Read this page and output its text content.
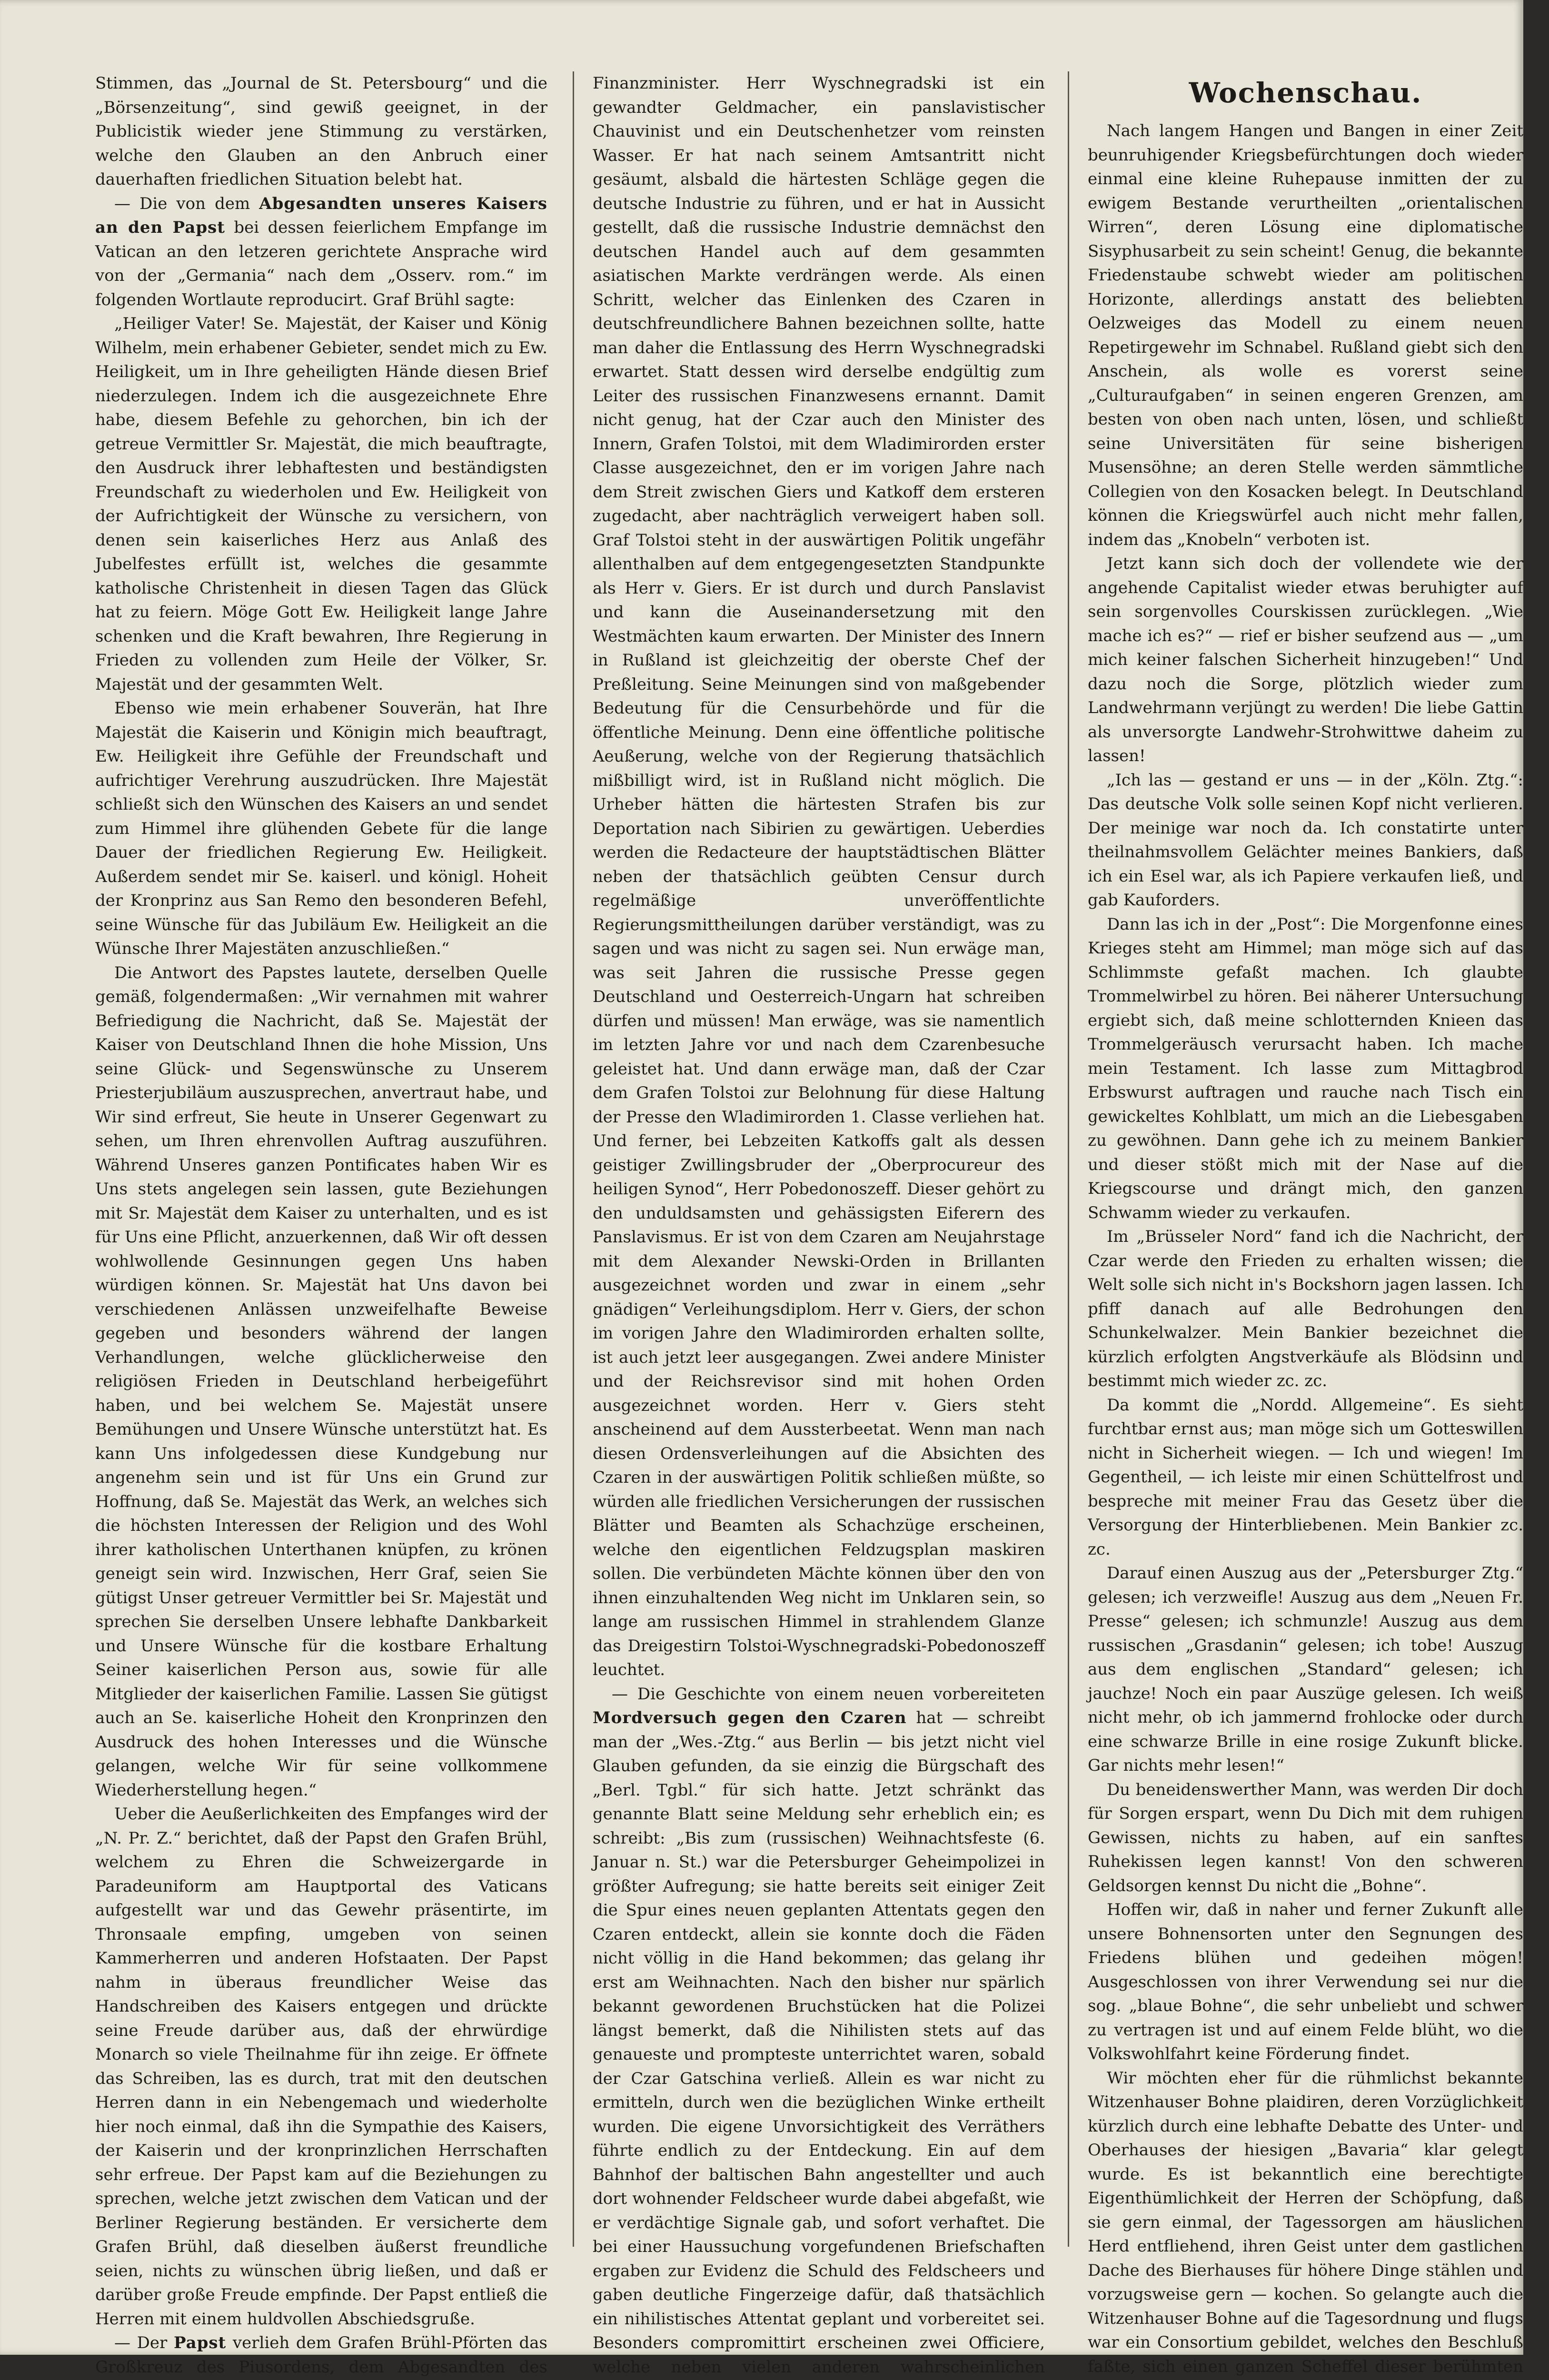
Stimmen, das „Journal de St. Petersbourg“ und die „Börsenzeitung“, sind gewiß geeignet, in der Publicistik wieder jene Stimmung zu verstärken, welche den Glauben an den Anbruch einer dauerhaften friedlichen Situation belebt hat.

— Die von dem Abgesandten unseres Kaisers an den Papst bei dessen feierlichem Empfange im Vatican an den letzeren gerichtete Ansprache wird von der „Germania“ nach dem „Osserv. rom.“ im folgenden Wortlaute reproducirt. Graf Brühl sagte:

„Heiliger Vater! Se. Majestät, der Kaiser und König Wilhelm, mein erhabener Gebieter, sendet mich zu Ew. Heiligkeit, um in Ihre geheiligten Hände diesen Brief niederzulegen. Indem ich die ausgezeichnete Ehre habe, diesem Befehle zu gehorchen, bin ich der getreue Vermittler Sr. Majestät, die mich beauftragte, den Ausdruck ihrer lebhaftesten und beständigsten Freundschaft zu wiederholen und Ew. Heiligkeit von der Aufrichtigkeit der Wünsche zu versichern, von denen sein kaiserliches Herz aus Anlaß des Jubelfestes erfüllt ist, welches die gesammte katholische Christenheit in diesen Tagen das Glück hat zu feiern. Möge Gott Ew. Heiligkeit lange Jahre schenken und die Kraft bewahren, Ihre Regierung in Frieden zu vollenden zum Heile der Völker, Sr. Majestät und der gesammten Welt.

Ebenso wie mein erhabener Souverän, hat Ihre Majestät die Kaiserin und Königin mich beauftragt, Ew. Heiligkeit ihre Gefühle der Freundschaft und aufrichtiger Verehrung auszudrücken. Ihre Majestät schließt sich den Wünschen des Kaisers an und sendet zum Himmel ihre glühenden Gebete für die lange Dauer der friedlichen Regierung Ew. Heiligkeit. Außerdem sendet mir Se. kaiserl. und königl. Hoheit der Kronprinz aus San Remo den besonderen Befehl, seine Wünsche für das Jubiläum Ew. Heiligkeit an die Wünsche Ihrer Majestäten anzuschließen.“

Die Antwort des Papstes lautete, derselben Quelle gemäß, folgendermaßen: „Wir vernahmen mit wahrer Befriedigung die Nachricht, daß Se. Majestät der Kaiser von Deutschland Ihnen die hohe Mission, Uns seine Glück- und Segenswünsche zu Unserem Priesterjubiläum auszusprechen, anvertraut habe, und Wir sind erfreut, Sie heute in Unserer Gegenwart zu sehen, um Ihren ehrenvollen Auftrag auszuführen. Während Unseres ganzen Pontificates haben Wir es Uns stets angelegen sein lassen, gute Beziehungen mit Sr. Majestät dem Kaiser zu unterhalten, und es ist für Uns eine Pflicht, anzuerkennen, daß Wir oft dessen wohlwollende Gesinnungen gegen Uns haben würdigen können. Sr. Majestät hat Uns davon bei verschiedenen Anlässen unzweifelhafte Beweise gegeben und besonders während der langen Verhandlungen, welche glücklicherweise den religiösen Frieden in Deutschland herbeigeführt haben, und bei welchem Se. Majestät unsere Bemühungen und Unsere Wünsche unterstützt hat. Es kann Uns infolgedessen diese Kundgebung nur angenehm sein und ist für Uns ein Grund zur Hoffnung, daß Se. Majestät das Werk, an welches sich die höchsten Interessen der Religion und des Wohl ihrer katholischen Unterthanen knüpfen, zu krönen geneigt sein wird. Inzwischen, Herr Graf, seien Sie gütigst Unser getreuer Vermittler bei Sr. Majestät und sprechen Sie derselben Unsere lebhafte Dankbarkeit und Unsere Wünsche für die kostbare Erhaltung Seiner kaiserlichen Person aus, sowie für alle Mitglieder der kaiserlichen Familie. Lassen Sie gütigst auch an Se. kaiserliche Hoheit den Kronprinzen den Ausdruck des hohen Interesses und die Wünsche gelangen, welche Wir für seine vollkommene Wiederherstellung hegen.“

Ueber die Aeußerlichkeiten des Empfanges wird der „N. Pr. Z.“ berichtet, daß der Papst den Grafen Brühl, welchem zu Ehren die Schweizergarde in Paradeuniform am Hauptportal des Vaticans aufgestellt war und das Gewehr präsentirte, im Thronsaale empfing, umgeben von seinen Kammerherren und anderen Hofstaaten. Der Papst nahm in überaus freundlicher Weise das Handschreiben des Kaisers entgegen und drückte seine Freude darüber aus, daß der ehrwürdige Monarch so viele Theilnahme für ihn zeige. Er öffnete das Schreiben, las es durch, trat mit den deutschen Herren dann in ein Nebengemach und wiederholte hier noch einmal, daß ihn die Sympathie des Kaisers, der Kaiserin und der kronprinzlichen Herrschaften sehr erfreue. Der Papst kam auf die Beziehungen zu sprechen, welche jetzt zwischen dem Vatican und der Berliner Regierung beständen. Er versicherte dem Grafen Brühl, daß dieselben äußerst freundliche seien, nichts zu wünschen übrig ließen, und daß er darüber große Freude empfinde. Der Papst entließ die Herren mit einem huldvollen Abschiedsgruße.

— Der Papst verlieh dem Grafen Brühl-Pförten das Großkreuz des Piusordens, dem Abgesandten des

Finanzminister. Herr Wyschnegradski ist ein gewandter Geldmacher, ein panslavistischer Chauvinist und ein Deutschenhetzer vom reinsten Wasser. Er hat nach seinem Amtsantritt nicht gesäumt, alsbald die härtesten Schläge gegen die deutsche Industrie zu führen, und er hat in Aussicht gestellt, daß die russische Industrie demnächst den deutschen Handel auch auf dem gesammten asiatischen Markte verdrängen werde. Als einen Schritt, welcher das Einlenken des Czaren in deutschfreundlichere Bahnen bezeichnen sollte, hatte man daher die Entlassung des Herrn Wyschnegradski erwartet. Statt dessen wird derselbe endgültig zum Leiter des russischen Finanzwesens ernannt. Damit nicht genug, hat der Czar auch den Minister des Innern, Grafen Tolstoi, mit dem Wladimirorden erster Classe ausgezeichnet, den er im vorigen Jahre nach dem Streit zwischen Giers und Katkoff dem ersteren zugedacht, aber nachträglich verweigert haben soll. Graf Tolstoi steht in der auswärtigen Politik ungefähr allenthalben auf dem entgegengesetzten Standpunkte als Herr v. Giers. Er ist durch und durch Panslavist und kann die Auseinandersetzung mit den Westmächten kaum erwarten. Der Minister des Innern in Rußland ist gleichzeitig der oberste Chef der Preßleitung. Seine Meinungen sind von maßgebender Bedeutung für die Censurbehörde und für die öffentliche Meinung. Denn eine öffentliche politische Aeußerung, welche von der Regierung thatsächlich mißbilligt wird, ist in Rußland nicht möglich. Die Urheber hätten die härtesten Strafen bis zur Deportation nach Sibirien zu gewärtigen. Ueberdies werden die Redacteure der hauptstädtischen Blätter neben der thatsächlich geübten Censur durch regelmäßige unveröffentlichte Regierungsmittheilungen darüber verständigt, was zu sagen und was nicht zu sagen sei. Nun erwäge man, was seit Jahren die russische Presse gegen Deutschland und Oesterreich-Ungarn hat schreiben dürfen und müssen! Man erwäge, was sie namentlich im letzten Jahre vor und nach dem Czarenbesuche geleistet hat. Und dann erwäge man, daß der Czar dem Grafen Tolstoi zur Belohnung für diese Haltung der Presse den Wladimirorden 1. Classe verliehen hat. Und ferner, bei Lebzeiten Katkoffs galt als dessen geistiger Zwillingsbruder der „Oberprocureur des heiligen Synod“, Herr Pobedonoszeff. Dieser gehört zu den unduldsamsten und gehässigsten Eiferern des Panslavismus. Er ist von dem Czaren am Neujahrstage mit dem Alexander Newski-Orden in Brillanten ausgezeichnet worden und zwar in einem „sehr gnädigen“ Verleihungsdiplom. Herr v. Giers, der schon im vorigen Jahre den Wladimirorden erhalten sollte, ist auch jetzt leer ausgegangen. Zwei andere Minister und der Reichsrevisor sind mit hohen Orden ausgezeichnet worden. Herr v. Giers steht anscheinend auf dem Aussterbeetat. Wenn man nach diesen Ordensverleihungen auf die Absichten des Czaren in der auswärtigen Politik schließen müßte, so würden alle friedlichen Versicherungen der russischen Blätter und Beamten als Schachzüge erscheinen, welche den eigentlichen Feldzugsplan maskiren sollen. Die verbündeten Mächte können über den von ihnen einzuhaltenden Weg nicht im Unklaren sein, so lange am russischen Himmel in strahlendem Glanze das Dreigestirn Tolstoi-Wyschnegradski-Pobedonoszeff leuchtet.

— Die Geschichte von einem neuen vorbereiteten Mordversuch gegen den Czaren hat — schreibt man der „Wes.-Ztg.“ aus Berlin — bis jetzt nicht viel Glauben gefunden, da sie einzig die Bürgschaft des „Berl. Tgbl.“ für sich hatte. Jetzt schränkt das genannte Blatt seine Meldung sehr erheblich ein; es schreibt: „Bis zum (russischen) Weihnachtsfeste (6. Januar n. St.) war die Petersburger Geheimpolizei in größter Aufregung; sie hatte bereits seit einiger Zeit die Spur eines neuen geplanten Attentats gegen den Czaren entdeckt, allein sie konnte doch die Fäden nicht völlig in die Hand bekommen; das gelang ihr erst am Weihnachten. Nach den bisher nur spärlich bekannt gewordenen Bruchstücken hat die Polizei längst bemerkt, daß die Nihilisten stets auf das genaueste und prompteste unterrichtet waren, sobald der Czar Gatschina verließ. Allein es war nicht zu ermitteln, durch wen die bezüglichen Winke ertheilt wurden. Die eigene Unvorsichtigkeit des Verräthers führte endlich zu der Entdeckung. Ein auf dem Bahnhof der baltischen Bahn angestellter und auch dort wohnender Feldscheer wurde dabei abgefaßt, wie er verdächtige Signale gab, und sofort verhaftet. Die bei einer Haussuchung vorgefundenen Briefschaften ergaben zur Evidenz die Schuld des Feldscheers und gaben deutliche Fingerzeige dafür, daß thatsächlich ein nihilistisches Attentat geplant und vorbereitet sei. Besonders compromittirt erscheinen zwei Officiere, welche neben vielen anderen wahrscheinlichen

Wochenschau.

Nach langem Hangen und Bangen in einer Zeit beunruhigender Kriegsbefürchtungen doch wieder einmal eine kleine Ruhepause inmitten der zu ewigem Bestande verurtheilten „orientalischen Wirren“, deren Lösung eine diplomatische Sisyphusarbeit zu sein scheint! Genug, die bekannte Friedenstaube schwebt wieder am politischen Horizonte, allerdings anstatt des beliebten Oelzweiges das Modell zu einem neuen Repetirgewehr im Schnabel. Rußland giebt sich den Anschein, als wolle es vorerst seine „Culturaufgaben“ in seinen engeren Grenzen, am besten von oben nach unten, lösen, und schließt seine Universitäten für seine bisherigen Musensöhne; an deren Stelle werden sämmtliche Collegien von den Kosacken belegt. In Deutschland können die Kriegswürfel auch nicht mehr fallen, indem das „Knobeln“ verboten ist.

Jetzt kann sich doch der vollendete wie der angehende Capitalist wieder etwas beruhigter auf sein sorgenvolles Courskissen zurücklegen. „Wie mache ich es?“ — rief er bisher seufzend aus — „um mich keiner falschen Sicherheit hinzugeben!“ Und dazu noch die Sorge, plötzlich wieder zum Landwehrmann verjüngt zu werden! Die liebe Gattin als unversorgte Landwehr-Strohwittwe daheim zu lassen!

„Ich las — gestand er uns — in der „Köln. Ztg.“: Das deutsche Volk solle seinen Kopf nicht verlieren. Der meinige war noch da. Ich constatirte unter theilnahmsvollem Gelächter meines Bankiers, daß ich ein Esel war, als ich Papiere verkaufen ließ, und gab Kauforders.

Dann las ich in der „Post“: Die Morgenfonne eines Krieges steht am Himmel; man möge sich auf das Schlimmste gefaßt machen. Ich glaubte Trommelwirbel zu hören. Bei näherer Untersuchung ergiebt sich, daß meine schlotternden Knieen das Trommelgeräusch verursacht haben. Ich mache mein Testament. Ich lasse zum Mittagbrod Erbswurst auftragen und rauche nach Tisch ein gewickeltes Kohlblatt, um mich an die Liebesgaben zu gewöhnen. Dann gehe ich zu meinem Bankier und dieser stößt mich mit der Nase auf die Kriegscourse und drängt mich, den ganzen Schwamm wieder zu verkaufen.

Im „Brüsseler Nord“ fand ich die Nachricht, der Czar werde den Frieden zu erhalten wissen; die Welt solle sich nicht in's Bockshorn jagen lassen. Ich pfiff danach auf alle Bedrohungen den Schunkelwalzer. Mein Bankier bezeichnet die kürzlich erfolgten Angstverkäufe als Blödsinn und bestimmt mich wieder zc. zc.

Da kommt die „Nordd. Allgemeine“. Es sieht furchtbar ernst aus; man möge sich um Gotteswillen nicht in Sicherheit wiegen. — Ich und wiegen! Im Gegentheil, — ich leiste mir einen Schüttelfrost und bespreche mit meiner Frau das Gesetz über die Versorgung der Hinterbliebenen. Mein Bankier zc. zc.

Darauf einen Auszug aus der „Petersburger Ztg.“ gelesen; ich verzweifle! Auszug aus dem „Neuen Fr. Presse“ gelesen; ich schmunzle! Auszug aus dem russischen „Grasdanin“ gelesen; ich tobe! Auszug aus dem englischen „Standard“ gelesen; ich jauchze! Noch ein paar Auszüge gelesen. Ich weiß nicht mehr, ob ich jammernd frohlocke oder durch eine schwarze Brille in eine rosige Zukunft blicke. Gar nichts mehr lesen!“

Du beneidenswerther Mann, was werden Dir doch für Sorgen erspart, wenn Du Dich mit dem ruhigen Gewissen, nichts zu haben, auf ein sanftes Ruhekissen legen kannst! Von den schweren Geldsorgen kennst Du nicht die „Bohne“.

Hoffen wir, daß in naher und ferner Zukunft alle unsere Bohnensorten unter den Segnungen des Friedens blühen und gedeihen mögen! Ausgeschlossen von ihrer Verwendung sei nur die sog. „blaue Bohne“, die sehr unbeliebt und schwer zu vertragen ist und auf einem Felde blüht, wo die Volkswohlfahrt keine Förderung findet.

Wir möchten eher für die rühmlichst bekannte Witzenhauser Bohne plaidiren, deren Vorzüglichkeit kürzlich durch eine lebhafte Debatte des Unter- und Oberhauses der hiesigen „Bavaria“ klar gelegt wurde. Es ist bekanntlich eine berechtigte Eigenthümlichkeit der Herren der Schöpfung, daß sie gern einmal, der Tagessorgen am häuslichen Herd entfliehend, ihren Geist unter dem gastlichen Dache des Bierhauses für höhere Dinge stählen und vorzugsweise gern — kochen. So gelangte auch die Witzenhauser Bohne auf die Tagesordnung und flugs war ein Consortium gebildet, welches den Beschluß faßte, sich einen ganzen Scheffel dieser berühmten
